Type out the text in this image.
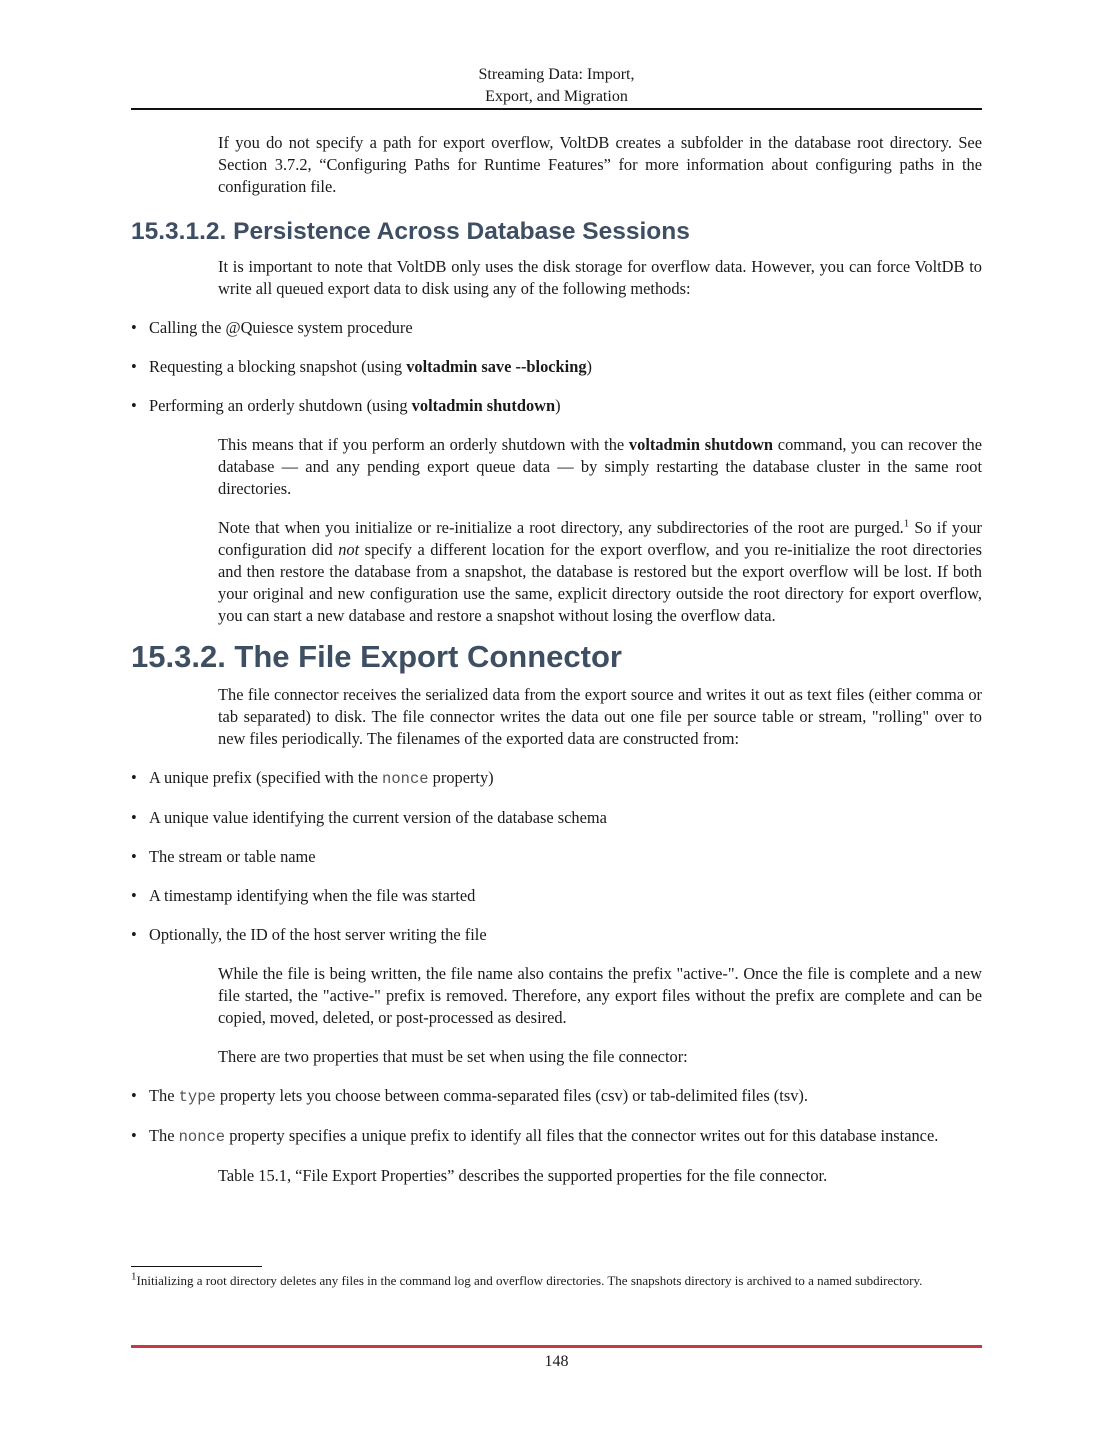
Streaming Data: Import,
Export, and Migration

If you do not specify a path for export overflow, VoltDB creates a subfolder in the database root directory. See Section 3.7.2, “Configuring Paths for Runtime Features” for more information about configuring paths in the configuration file.

15.3.1.2. Persistence Across Database Sessions

It is important to note that VoltDB only uses the disk storage for overflow data. However, you can force VoltDB to write all queued export data to disk using any of the following methods:

• Calling the @Quiesce system procedure
• Requesting a blocking snapshot (using voltadmin save --blocking)
• Performing an orderly shutdown (using voltadmin shutdown)

This means that if you perform an orderly shutdown with the voltadmin shutdown command, you can recover the database — and any pending export queue data — by simply restarting the database cluster in the same root directories.

Note that when you initialize or re-initialize a root directory, any subdirectories of the root are purged.$^1$ So if your configuration did not specify a different location for the export overflow, and you re-initialize the root directories and then restore the database from a snapshot, the database is restored but the export overflow will be lost. If both your original and new configuration use the same, explicit directory outside the root directory for export overflow, you can start a new database and restore a snapshot without losing the overflow data.

15.3.2. The File Export Connector

The file connector receives the serialized data from the export source and writes it out as text files (either comma or tab separated) to disk. The file connector writes the data out one file per source table or stream, "rolling" over to new files periodically. The filenames of the exported data are constructed from:

• A unique prefix (specified with the nonce property)
• A unique value identifying the current version of the database schema
• The stream or table name
• A timestamp identifying when the file was started
• Optionally, the ID of the host server writing the file

While the file is being written, the file name also contains the prefix "active-". Once the file is complete and a new file started, the "active-" prefix is removed. Therefore, any export files without the prefix are complete and can be copied, moved, deleted, or post-processed as desired.

There are two properties that must be set when using the file connector:

• The type property lets you choose between comma-separated files (csv) or tab-delimited files (tsv).
• The nonce property specifies a unique prefix to identify all files that the connector writes out for this database instance.

Table 15.1, “File Export Properties” describes the supported properties for the file connector.

$^1$Initializing a root directory deletes any files in the command log and overflow directories. The snapshots directory is archived to a named subdirectory.
148
